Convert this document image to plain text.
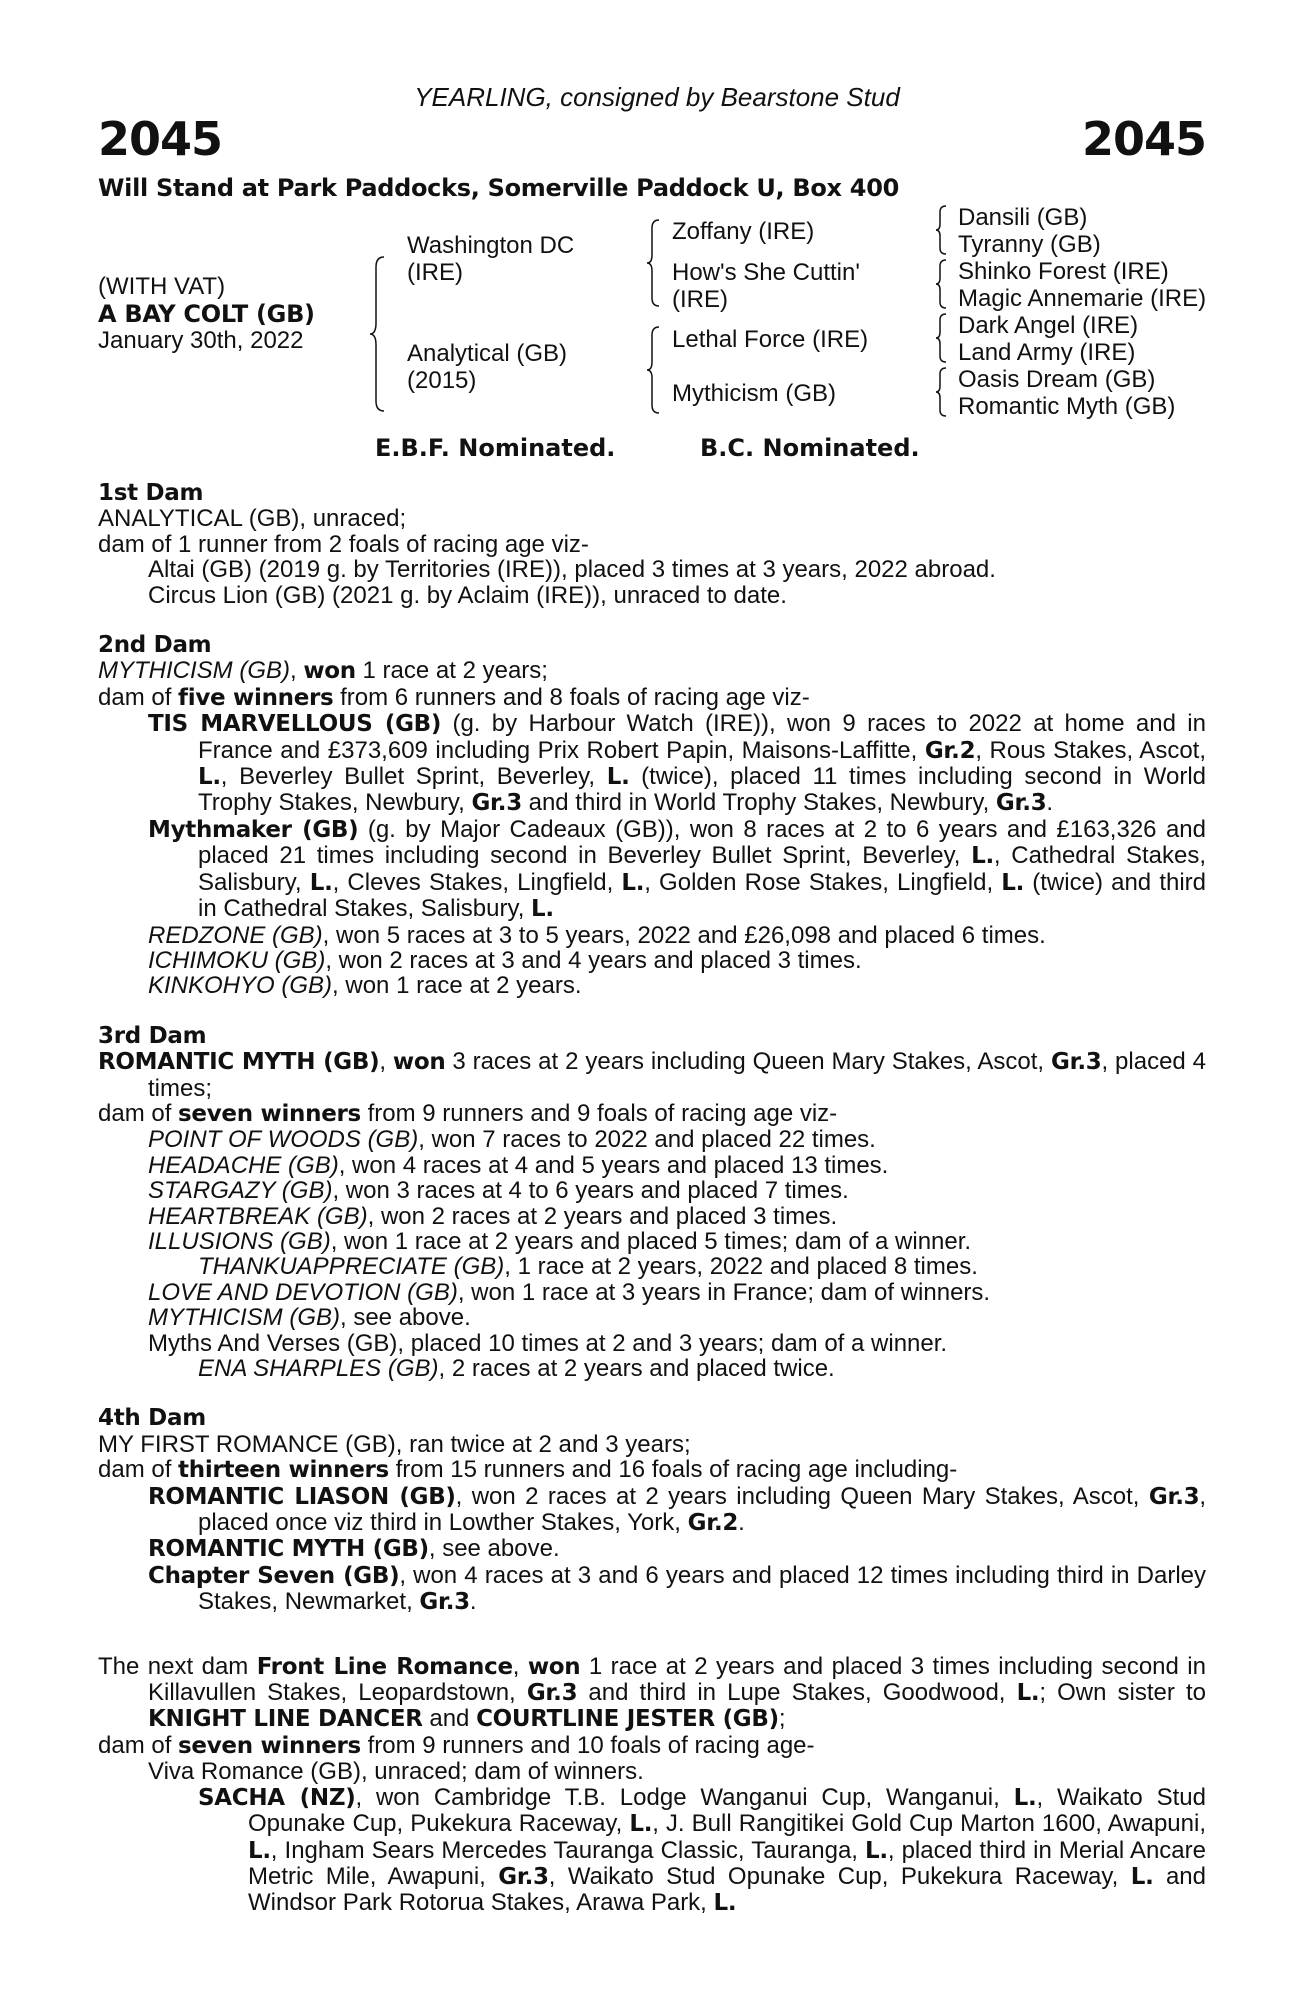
YEARLING, consigned by Bearstone Stud
2045	2045
Will Stand at Park Paddocks, Somerville Paddock U, Box 400
(WITH VAT)
A BAY COLT (GB)
January 30th, 2022
Washington DC
(IRE)
Analytical (GB)
(2015)
Zoffany (IRE)
How's She Cuttin'
(IRE)
Lethal Force (IRE)
Mythicism (GB)
Dansili (GB)
Tyranny (GB)
Shinko Forest (IRE)
Magic Annemarie (IRE)
Dark Angel (IRE)
Land Army (IRE)
Oasis Dream (GB)
Romantic Myth (GB)
E.B.F. Nominated.	B.C. Nominated.
1st Dam
ANALYTICAL (GB), unraced;
dam of 1 runner from 2 foals of racing age viz-
Altai (GB) (2019 g. by Territories (IRE)), placed 3 times at 3 years, 2022 abroad.
Circus Lion (GB) (2021 g. by Aclaim (IRE)), unraced to date.
2nd Dam
MYTHICISM (GB), won 1 race at 2 years;
dam of five winners from 6 runners and 8 foals of racing age viz-
TIS MARVELLOUS (GB) (g. by Harbour Watch (IRE)), won 9 races to 2022 at home and in France and £373,609 including Prix Robert Papin, Maisons-Laffitte, Gr.2, Rous Stakes, Ascot, L., Beverley Bullet Sprint, Beverley, L. (twice), placed 11 times including second in World Trophy Stakes, Newbury, Gr.3 and third in World Trophy Stakes, Newbury, Gr.3.
Mythmaker (GB) (g. by Major Cadeaux (GB)), won 8 races at 2 to 6 years and £163,326 and placed 21 times including second in Beverley Bullet Sprint, Beverley, L., Cathedral Stakes, Salisbury, L., Cleves Stakes, Lingfield, L., Golden Rose Stakes, Lingfield, L. (twice) and third in Cathedral Stakes, Salisbury, L.
REDZONE (GB), won 5 races at 3 to 5 years, 2022 and £26,098 and placed 6 times.
ICHIMOKU (GB), won 2 races at 3 and 4 years and placed 3 times.
KINKOHYO (GB), won 1 race at 2 years.
3rd Dam
ROMANTIC MYTH (GB), won 3 races at 2 years including Queen Mary Stakes, Ascot, Gr.3, placed 4 times;
dam of seven winners from 9 runners and 9 foals of racing age viz-
POINT OF WOODS (GB), won 7 races to 2022 and placed 22 times.
HEADACHE (GB), won 4 races at 4 and 5 years and placed 13 times.
STARGAZY (GB), won 3 races at 4 to 6 years and placed 7 times.
HEARTBREAK (GB), won 2 races at 2 years and placed 3 times.
ILLUSIONS (GB), won 1 race at 2 years and placed 5 times; dam of a winner.
THANKUAPPRECIATE (GB), 1 race at 2 years, 2022 and placed 8 times.
LOVE AND DEVOTION (GB), won 1 race at 3 years in France; dam of winners.
MYTHICISM (GB), see above.
Myths And Verses (GB), placed 10 times at 2 and 3 years; dam of a winner.
ENA SHARPLES (GB), 2 races at 2 years and placed twice.
4th Dam
MY FIRST ROMANCE (GB), ran twice at 2 and 3 years;
dam of thirteen winners from 15 runners and 16 foals of racing age including-
ROMANTIC LIASON (GB), won 2 races at 2 years including Queen Mary Stakes, Ascot, Gr.3, placed once viz third in Lowther Stakes, York, Gr.2.
ROMANTIC MYTH (GB), see above.
Chapter Seven (GB), won 4 races at 3 and 6 years and placed 12 times including third in Darley Stakes, Newmarket, Gr.3.
The next dam Front Line Romance, won 1 race at 2 years and placed 3 times including second in Killavullen Stakes, Leopardstown, Gr.3 and third in Lupe Stakes, Goodwood, L.; Own sister to KNIGHT LINE DANCER and COURTLINE JESTER (GB);
dam of seven winners from 9 runners and 10 foals of racing age-
Viva Romance (GB), unraced; dam of winners.
SACHA (NZ), won Cambridge T.B. Lodge Wanganui Cup, Wanganui, L., Waikato Stud Opunake Cup, Pukekura Raceway, L., J. Bull Rangitikei Gold Cup Marton 1600, Awapuni, L., Ingham Sears Mercedes Tauranga Classic, Tauranga, L., placed third in Merial Ancare Metric Mile, Awapuni, Gr.3, Waikato Stud Opunake Cup, Pukekura Raceway, L. and Windsor Park Rotorua Stakes, Arawa Park, L.
